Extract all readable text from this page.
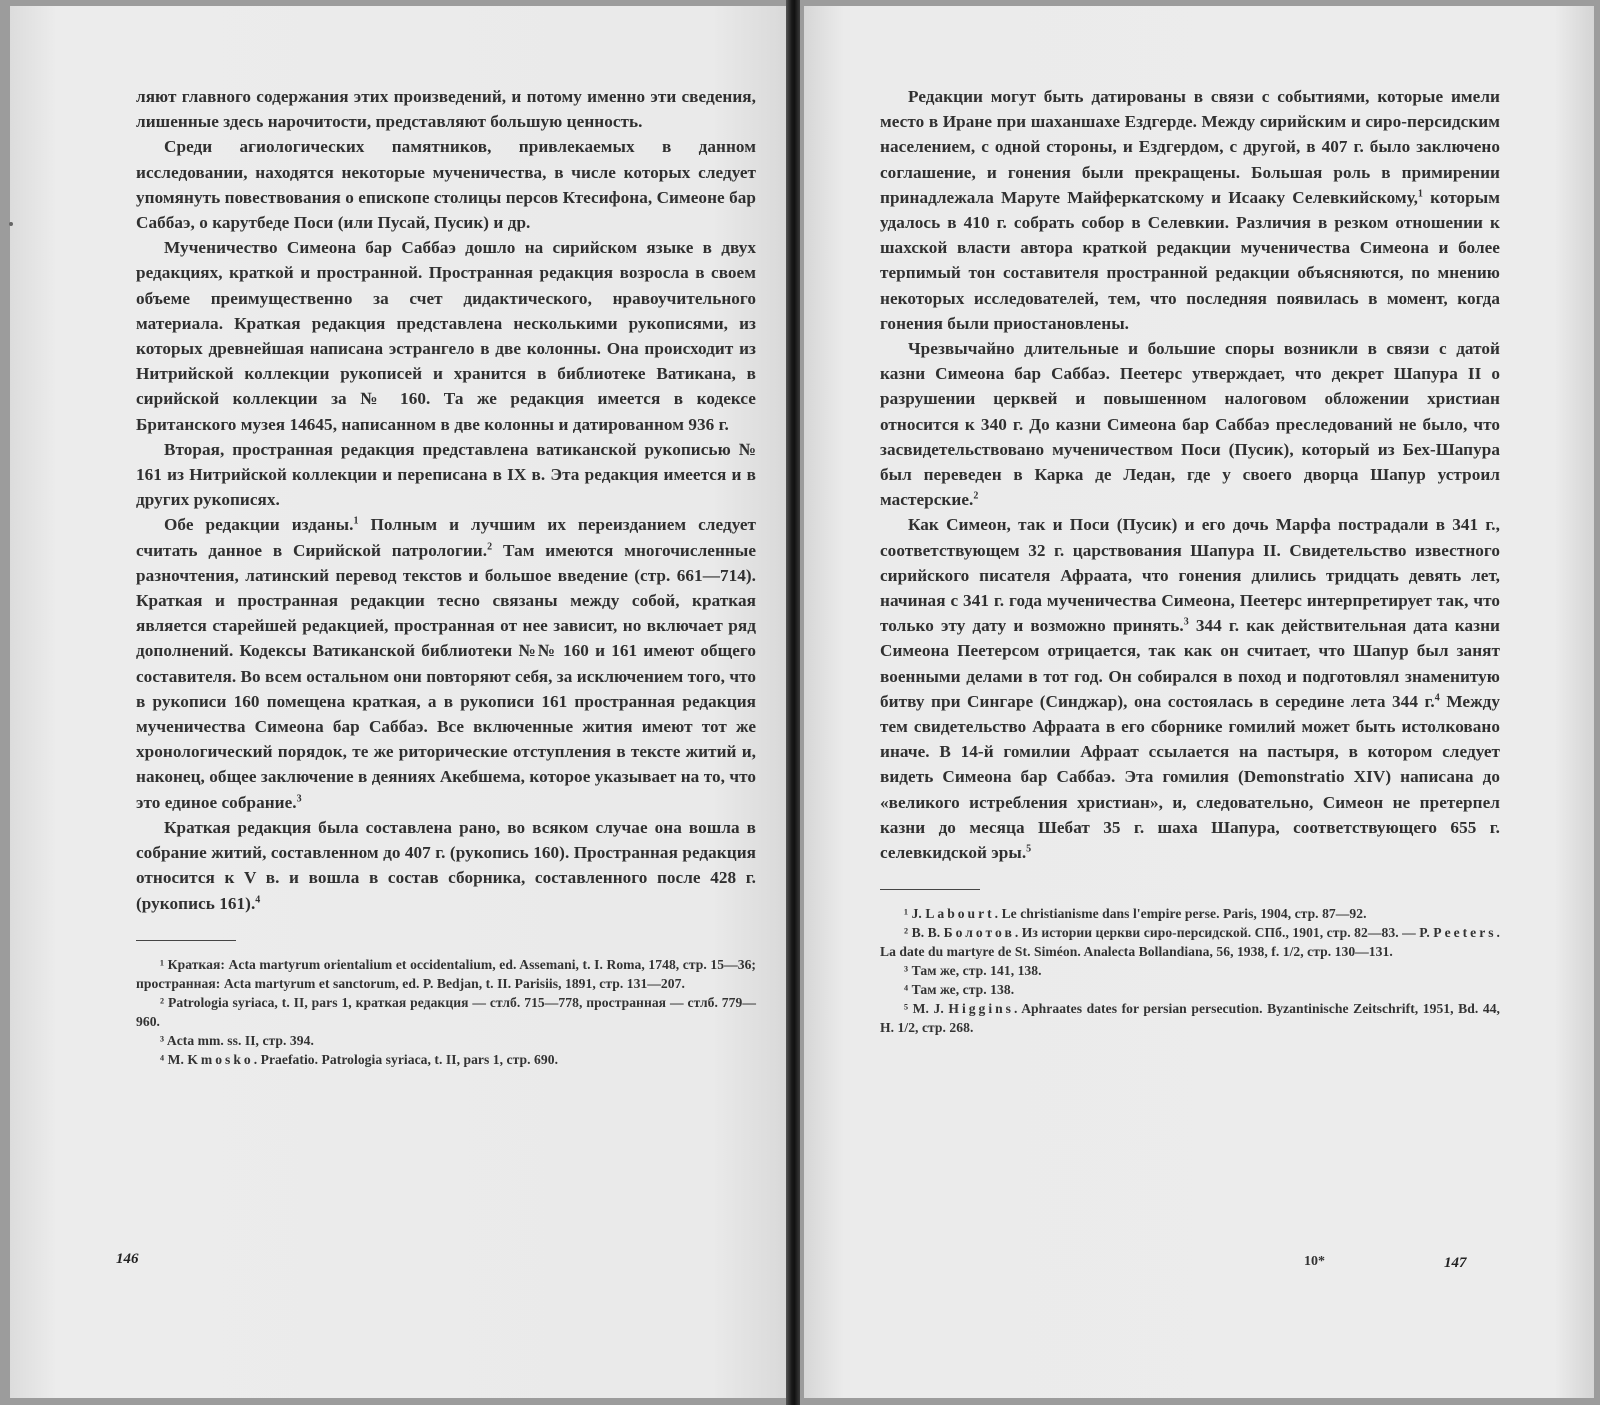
ляют главного содержания этих произведений, и потому именно эти сведения, лишенные здесь нарочитости, представляют большую ценность.

Среди агиологических памятников, привлекаемых в данном исследовании, находятся некоторые мученичества, в числе которых следует упомянуть повествования о епископе столицы персов Ктесифона, Симеоне бар Саббаэ, о карутбеде Поси (или Пусай, Пусик) и др.

Мученичество Симеона бар Саббаэ дошло на сирийском языке в двух редакциях, краткой и пространной. Пространная редакция возросла в своем объеме преимущественно за счет дидактического, нравоучительного материала. Краткая редакция представлена несколькими рукописями, из которых древнейшая написана эстрангело в две колонны. Она происходит из Нитрийской коллекции рукописей и хранится в библиотеке Ватикана, в сирийской коллекции за № 160. Та же редакция имеется в кодексе Британского музея 14645, написанном в две колонны и датированном 936 г.

Вторая, пространная редакция представлена ватиканской рукописью № 161 из Нитрийской коллекции и переписана в IX в. Эта редакция имеется и в других рукописях.

Обе редакции изданы.$^1$ Полным и лучшим их переизданием следует считать данное в Сирийской патрологии.$^2$ Там имеются многочисленные разночтения, латинский перевод текстов и большое введение (стр. 661—714). Краткая и пространная редакции тесно связаны между собой, краткая является старейшей редакцией, пространная от нее зависит, но включает ряд дополнений. Кодексы Ватиканской библиотеки №№ 160 и 161 имеют общего составителя. Во всем остальном они повторяют себя, за исключением того, что в рукописи 160 помещена краткая, а в рукописи 161 пространная редакция мученичества Симеона бар Саббаэ. Все включенные жития имеют тот же хронологический порядок, те же риторические отступления в тексте житий и, наконец, общее заключение в деяниях Акебшема, которое указывает на то, что это единое собрание.$^3$

Краткая редакция была составлена рано, во всяком случае она вошла в собрание житий, составленном до 407 г. (рукопись 160). Пространная редакция относится к V в. и вошла в состав сборника, составленного после 428 г. (рукопись 161).$^4$

¹ Краткая: Acta martyrum orientalium et occidentalium, ed. Assemani, t. I. Roma, 1748, стр. 15—36; пространная: Acta martyrum et sanctorum, ed. P. Bedjan, t. II. Parisiis, 1891, стр. 131—207.

² Patrologia syriaca, t. II, pars 1, краткая редакция — стлб. 715—778, пространная — стлб. 779—960.

³ Acta mm. ss. II, стр. 394.

⁴ M. Kmosko. Praefatio. Patrologia syriaca, t. II, pars 1, стр. 690.

146

Редакции могут быть датированы в связи с событиями, которые имели место в Иране при шаханшахе Ездгерде. Между сирийским и сиро-персидским населением, с одной стороны, и Ездгердом, с другой, в 407 г. было заключено соглашение, и гонения были прекращены. Большая роль в примирении принадлежала Маруте Майферкатскому и Исааку Селевкийскому,$^1$ которым удалось в 410 г. собрать собор в Селевкии. Различия в резком отношении к шахской власти автора краткой редакции мученичества Симеона и более терпимый тон составителя пространной редакции объясняются, по мнению некоторых исследователей, тем, что последняя появилась в момент, когда гонения были приостановлены.

Чрезвычайно длительные и большие споры возникли в связи с датой казни Симеона бар Саббаэ. Пеетерс утверждает, что декрет Шапура II о разрушении церквей и повышенном налоговом обложении христиан относится к 340 г. До казни Симеона бар Саббаэ преследований не было, что засвидетельствовано мученичеством Поси (Пусик), который из Бех-Шапура был переведен в Карка де Ледан, где у своего дворца Шапур устроил мастерские.$^2$

Как Симеон, так и Поси (Пусик) и его дочь Марфа пострадали в 341 г., соответствующем 32 г. царствования Шапура II. Свидетельство известного сирийского писателя Афраата, что гонения длились тридцать девять лет, начиная с 341 г. года мученичества Симеона, Пеетерс интерпретирует так, что только эту дату и возможно принять.$^3$ 344 г. как действительная дата казни Симеона Пеетерсом отрицается, так как он считает, что Шапур был занят военными делами в тот год. Он собирался в поход и подготовлял знаменитую битву при Сингаре (Синджар), она состоялась в середине лета 344 г.$^4$ Между тем свидетельство Афраата в его сборнике гомилий может быть истолковано иначе. В 14-й гомилии Афраат ссылается на пастыря, в котором следует видеть Симеона бар Саббаэ. Эта гомилия (Demonstratio XIV) написана до «великого истребления христиан», и, следовательно, Симеон не претерпел казни до месяца Шебат 35 г. шаха Шапура, соответствующего 655 г. селевкидской эры.$^5$

¹ J. Labourt. Le christianisme dans l'empire perse. Paris, 1904, стр. 87—92.

² В. В. Болотов. Из истории церкви сиро-персидской. СПб., 1901, стр. 82—83. — P. Peeters. La date du martyre de St. Siméon. Analecta Bollandiana, 56, 1938, f. 1/2, стр. 130—131.

³ Там же, стр. 141, 138.

⁴ Там же, стр. 138.

⁵ M. J. Higgins. Aphraates dates for persian persecution. Byzantinische Zeitschrift, 1951, Bd. 44, H. 1/2, стр. 268.

10*	147
